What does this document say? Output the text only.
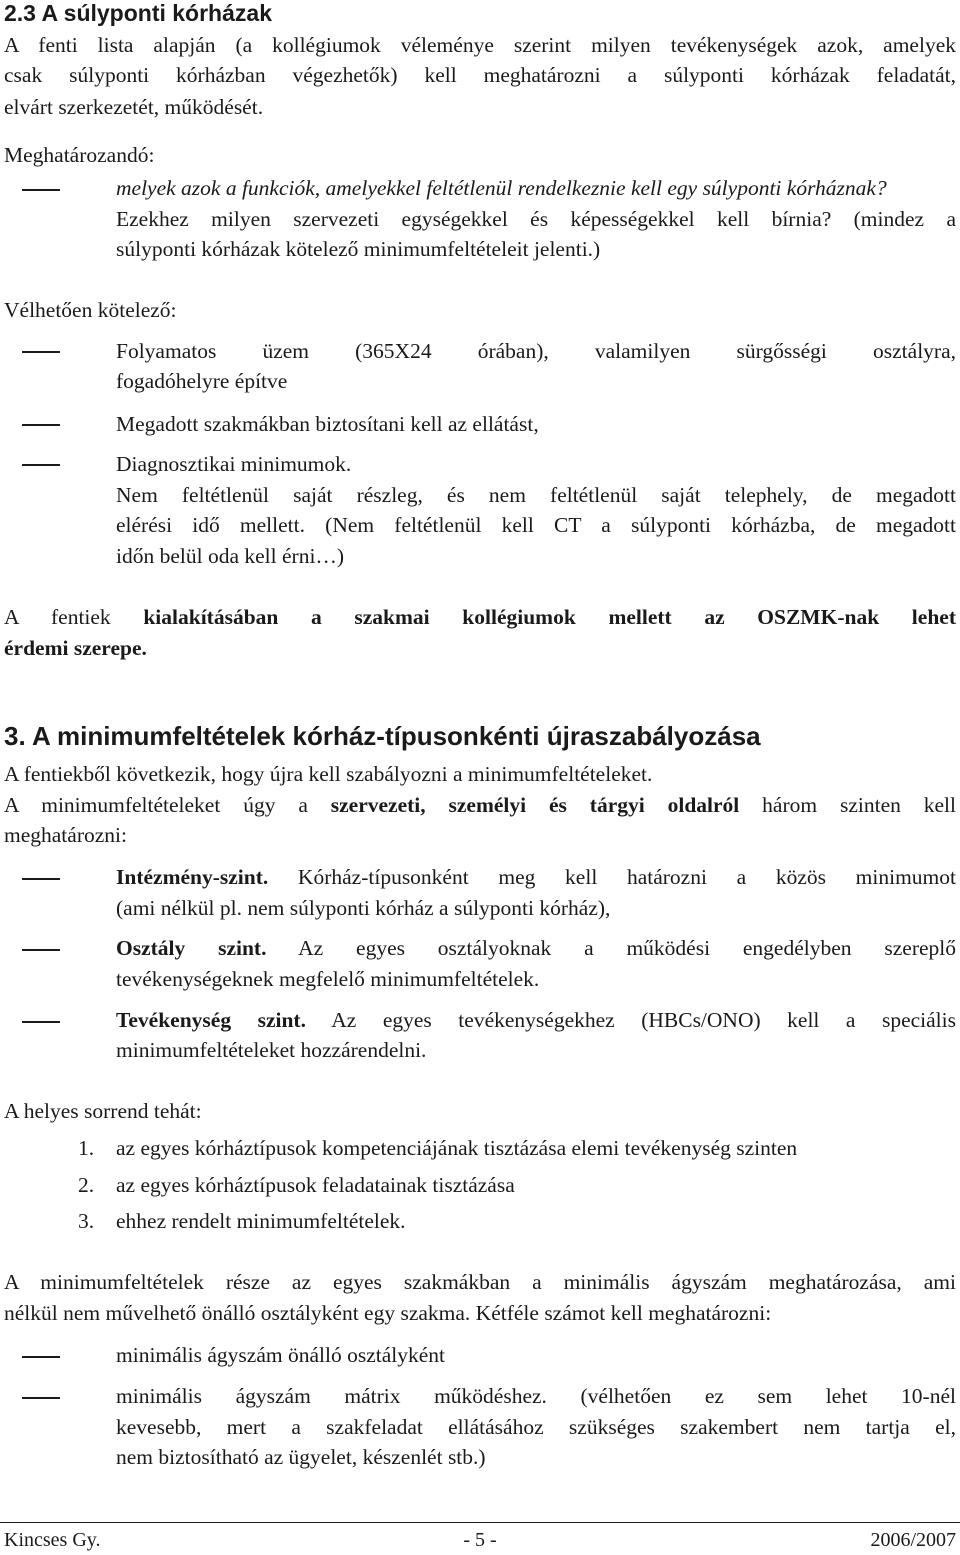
2.3 A súlyponti kórházak
A fenti lista alapján (a kollégiumok véleménye szerint milyen tevékenységek azok, amelyek
csak súlyponti kórházban végezhetők) kell meghatározni a súlyponti kórházak feladatát,
elvárt szerkezetét, működését.
Meghatározandó:
melyek azok a funkciók, amelyekkel feltétlenül rendelkeznie kell egy súlyponti kórháznak?
Ezekhez milyen szervezeti egységekkel és képességekkel kell bírnia? (mindez a
súlyponti kórházak kötelező minimumfeltételeit jelenti.)
Vélhetően kötelező:
Folyamatos üzem (365X24 órában), valamilyen sürgősségi osztályra,
fogadóhelyre építve
Megadott szakmákban biztosítani kell az ellátást,
Diagnosztikai minimumok.
Nem feltétlenül saját részleg, és nem feltétlenül saját telephely, de megadott
elérési idő mellett. (Nem feltétlenül kell CT a súlyponti kórházba, de megadott
időn belül oda kell érni…)
A fentiek kialakításában a szakmai kollégiumok mellett az OSZMK-nak lehet
érdemi szerepe.
3. A minimumfeltételek kórház-típusonkénti újraszabályozása
A fentiekből következik, hogy újra kell szabályozni a minimumfeltételeket.
A minimumfeltételeket úgy a szervezeti, személyi és tárgyi oldalról három szinten kell
meghatározni:
Intézmény-szint. Kórház-típusonként meg kell határozni a közös minimumot
(ami nélkül pl. nem súlyponti kórház a súlyponti kórház),
Osztály szint. Az egyes osztályoknak a működési engedélyben szereplő
tevékenységeknek megfelelő minimumfeltételek.
Tevékenység szint. Az egyes tevékenységekhez (HBCs/ONO) kell a speciális
minimumfeltételeket hozzárendelni.
A helyes sorrend tehát:
1. az egyes kórháztípusok kompetenciájának tisztázása elemi tevékenység szinten
2. az egyes kórháztípusok feladatainak tisztázása
3. ehhez rendelt minimumfeltételek.
A minimumfeltételek része az egyes szakmákban a minimális ágyszám meghatározása, ami
nélkül nem művelhető önálló osztályként egy szakma. Kétféle számot kell meghatározni:
minimális ágyszám önálló osztályként
minimális ágyszám mátrix működéshez. (vélhetően ez sem lehet 10-nél
kevesebb, mert a szakfeladat ellátásához szükséges szakembert nem tartja el,
nem biztosítható az ügyelet, készenlét stb.)
Kincses Gy.	- 5 -	2006/2007
